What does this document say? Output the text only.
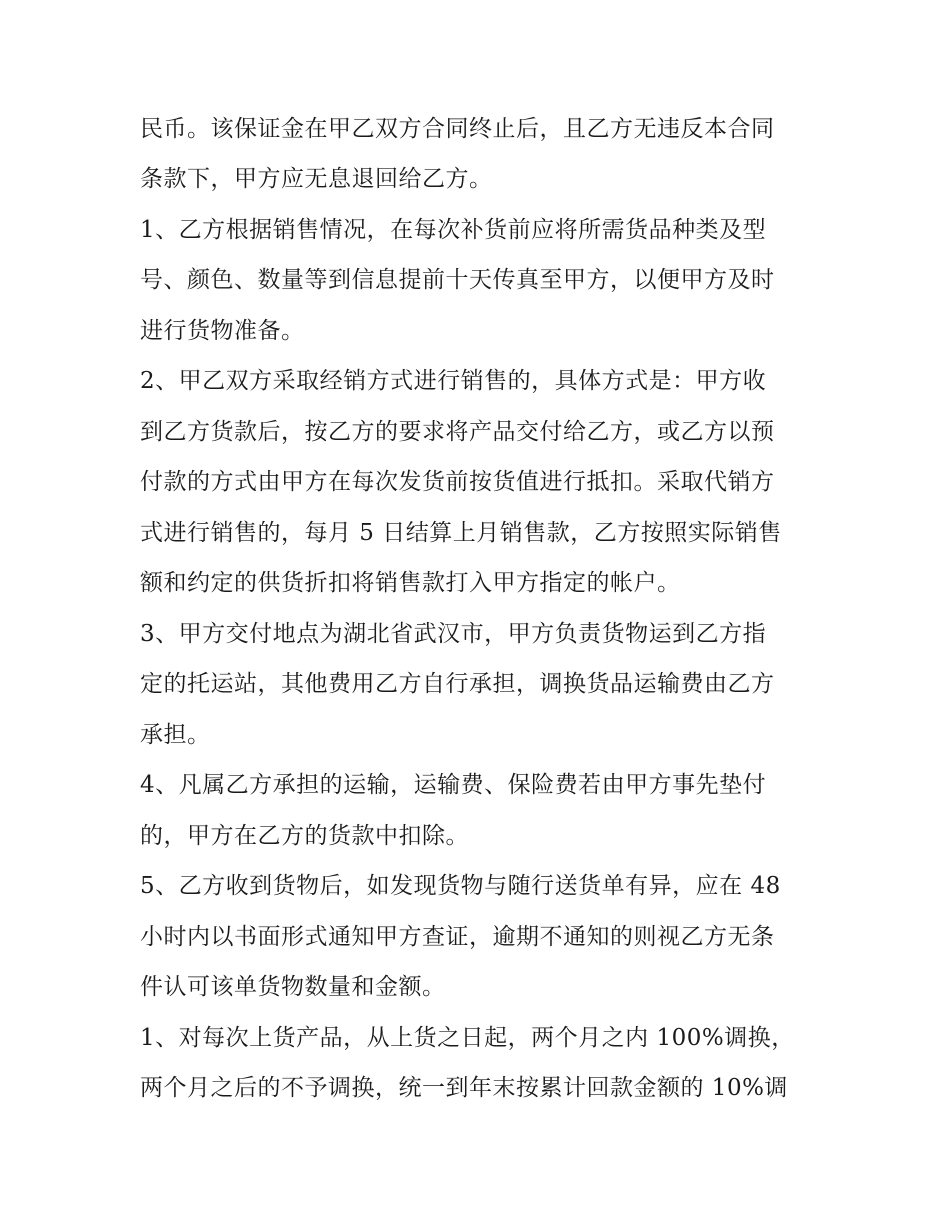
民币。该保证金在甲乙双方合同终止后，且乙方无违反本合同
条款下，甲方应无息退回给乙方。
1、乙方根据销售情况，在每次补货前应将所需货品种类及型
号、颜色、数量等到信息提前十天传真至甲方，以便甲方及时
进行货物准备。
2、甲乙双方采取经销方式进行销售的，具体方式是：甲方收
到乙方货款后，按乙方的要求将产品交付给乙方，或乙方以预
付款的方式由甲方在每次发货前按货值进行抵扣。采取代销方
式进行销售的，每月 5 日结算上月销售款，乙方按照实际销售
额和约定的供货折扣将销售款打入甲方指定的帐户。
3、甲方交付地点为湖北省武汉市，甲方负责货物运到乙方指
定的托运站，其他费用乙方自行承担，调换货品运输费由乙方
承担。
4、凡属乙方承担的运输，运输费、保险费若由甲方事先垫付
的，甲方在乙方的货款中扣除。
5、乙方收到货物后，如发现货物与随行送货单有异，应在 48
小时内以书面形式通知甲方查证，逾期不通知的则视乙方无条
件认可该单货物数量和金额。
1、对每次上货产品，从上货之日起，两个月之内 100%调换，
两个月之后的不予调换，统一到年末按累计回款金额的 10%调
